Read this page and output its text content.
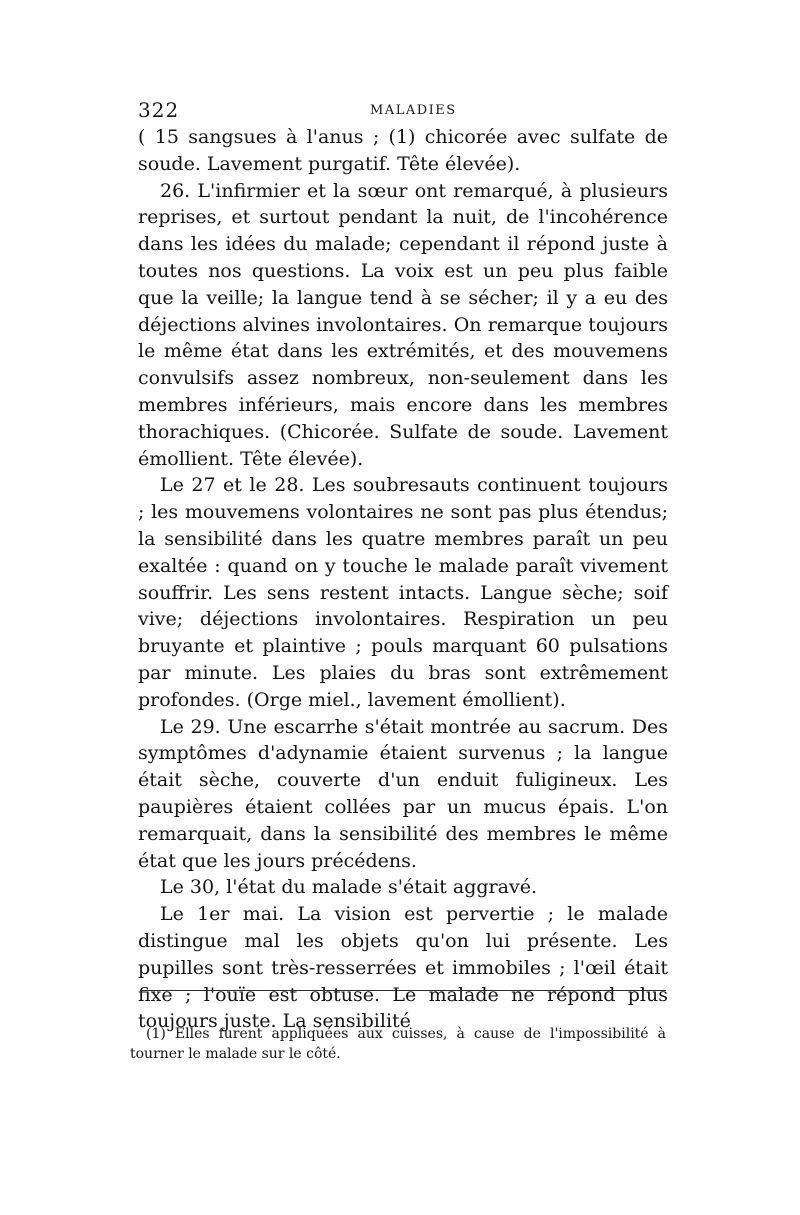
322	MALADIES

( 15 sangsues à l'anus ; (1) chicorée avec sulfate de soude. Lavement purgatif. Tête élevée).

26. L'infirmier et la sœur ont remarqué, à plusieurs reprises, et surtout pendant la nuit, de l'incohérence dans les idées du malade; cependant il répond juste à toutes nos questions. La voix est un peu plus faible que la veille; la langue tend à se sécher; il y a eu des déjections alvines involontaires. On remarque toujours le même état dans les extrémités, et des mouvemens convulsifs assez nombreux, non-seulement dans les membres inférieurs, mais encore dans les membres thorachiques. (Chicorée. Sulfate de soude. Lavement émollient. Tête élevée).

Le 27 et le 28. Les soubresauts continuent toujours ; les mouvemens volontaires ne sont pas plus étendus; la sensibilité dans les quatre membres paraît un peu exaltée : quand on y touche le malade paraît vivement souffrir. Les sens restent intacts. Langue sèche; soif vive; déjections involontaires. Respiration un peu bruyante et plaintive ; pouls marquant 60 pulsations par minute. Les plaies du bras sont extrêmement profondes. (Orge miel., lavement émollient).

Le 29. Une escarrhe s'était montrée au sacrum. Des symptômes d'adynamie étaient survenus ; la langue était sèche, couverte d'un enduit fuligineux. Les paupières étaient collées par un mucus épais. L'on remarquait, dans la sensibilité des membres le même état que les jours précédens.

Le 30, l'état du malade s'était aggravé.

Le 1er mai. La vision est pervertie ; le malade distingue mal les objets qu'on lui présente. Les pupilles sont très-resserrées et immobiles ; l'œil était fixe ; l'ouïe est obtuse. Le malade ne répond plus toujours juste. La sensibilité

(1) Elles furent appliquées aux cuisses, à cause de l'impossibilité à tourner le malade sur le côté.
